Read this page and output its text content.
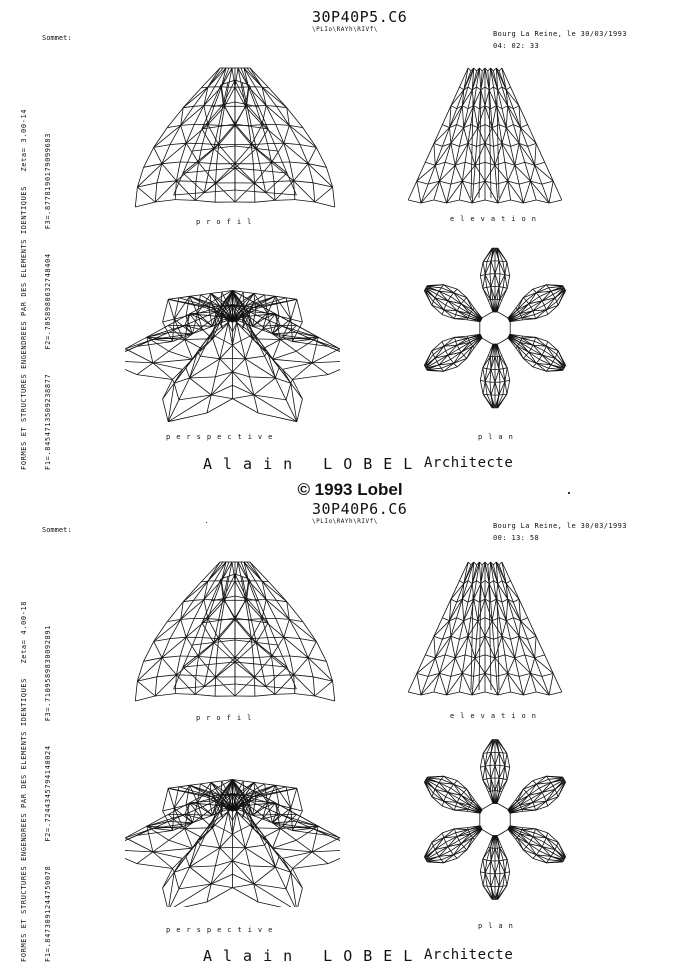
FORMES ET STRUCTURES ENGENDREES PAR DES ELEMENTS IDENTIQUES   Zeta= 3.00-14

F1=.8454713509238877     F2=.7058980632748404     F3=.8778190179099683

Sommet:
30P40P5.C6
\PLIo\RAYh\RIVf\
Bourg La Reine, le 30/03/1993
04: 02: 33
profil	elevation
perspective	plan
Alain LOBEL Architecte
© 1993 Lobel

FORMES ET STRUCTURES ENGENDREES PAR DES ELEMENTS IDENTIQUES   Zeta= 4.00-18

F1=.8473091244750078     F2=.7244345794140024     F3=.7109589830092891

Sommet:
30P40P6.C6
\PLIo\RAYh\RIVf\
Bourg La Reine, le 30/03/1993
00: 13: 58
profil	elevation
perspective	plan
Alain LOBEL Architecte
